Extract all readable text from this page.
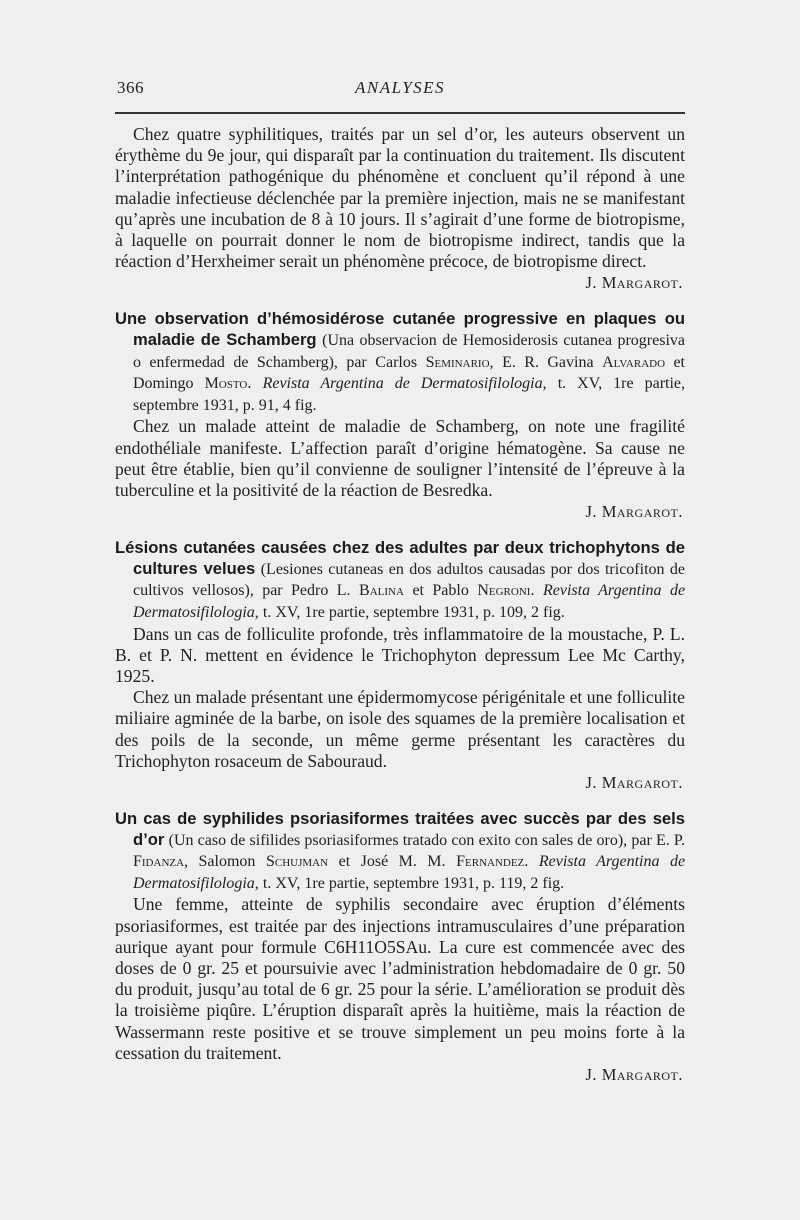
366	ANALYSES

Chez quatre syphilitiques, traités par un sel d’or, les auteurs observent un érythème du 9e jour, qui disparaît par la continuation du traitement. Ils discutent l’interprétation pathogénique du phénomène et concluent qu’il répond à une maladie infectieuse déclenchée par la première injection, mais ne se manifestant qu’après une incubation de 8 à 10 jours. Il s’agirait d’une forme de biotropisme, à laquelle on pourrait donner le nom de biotropisme indirect, tandis que la réaction d’Herxheimer serait un phénomène précoce, de biotropisme direct.

J. Margarot.
Une observation d’hémosidérose cutanée progressive en plaques ou maladie de Schamberg (Una observacion de Hemosiderosis cutanea progresiva o enfermedad de Schamberg), par Carlos Seminario, E. R. Gavina Alvarado et Domingo Mosto. Revista Argentina de Dermatosifilologia, t. XV, 1re partie, septembre 1931, p. 91, 4 fig.

Chez un malade atteint de maladie de Schamberg, on note une fragilité endothéliale manifeste. L’affection paraît d’origine hématogène. Sa cause ne peut être établie, bien qu’il convienne de souligner l’intensité de l’épreuve à la tuberculine et la positivité de la réaction de Besredka.

J. Margarot.
Lésions cutanées causées chez des adultes par deux trichophytons de cultures velues (Lesiones cutaneas en dos adultos causadas por dos tricofiton de cultivos vellosos), par Pedro L. Balina et Pablo Negroni. Revista Argentina de Dermatosifilologia, t. XV, 1re partie, septembre 1931, p. 109, 2 fig.

Dans un cas de folliculite profonde, très inflammatoire de la moustache, P. L. B. et P. N. mettent en évidence le Trichophyton depressum Lee Mc Carthy, 1925.

Chez un malade présentant une épidermomycose périgénitale et une folliculite miliaire agminée de la barbe, on isole des squames de la première localisation et des poils de la seconde, un même germe présentant les caractères du Trichophyton rosaceum de Sabouraud.

J. Margarot.
Un cas de syphilides psoriasiformes traitées avec succès par des sels d’or (Un caso de sifilides psoriasiformes tratado con exito con sales de oro), par E. P. Fidanza, Salomon Schujman et José M. M. Fernandez. Revista Argentina de Dermatosifilologia, t. XV, 1re partie, septembre 1931, p. 119, 2 fig.

Une femme, atteinte de syphilis secondaire avec éruption d’éléments psoriasiformes, est traitée par des injections intramusculaires d’une préparation aurique ayant pour formule C6H11O5SAu. La cure est commencée avec des doses de 0 gr. 25 et poursuivie avec l’administration hebdomadaire de 0 gr. 50 du produit, jusqu’au total de 6 gr. 25 pour la série. L’amélioration se produit dès la troisième piqûre. L’éruption disparaît après la huitième, mais la réaction de Wassermann reste positive et se trouve simplement un peu moins forte à la cessation du traitement.

J. Margarot.
